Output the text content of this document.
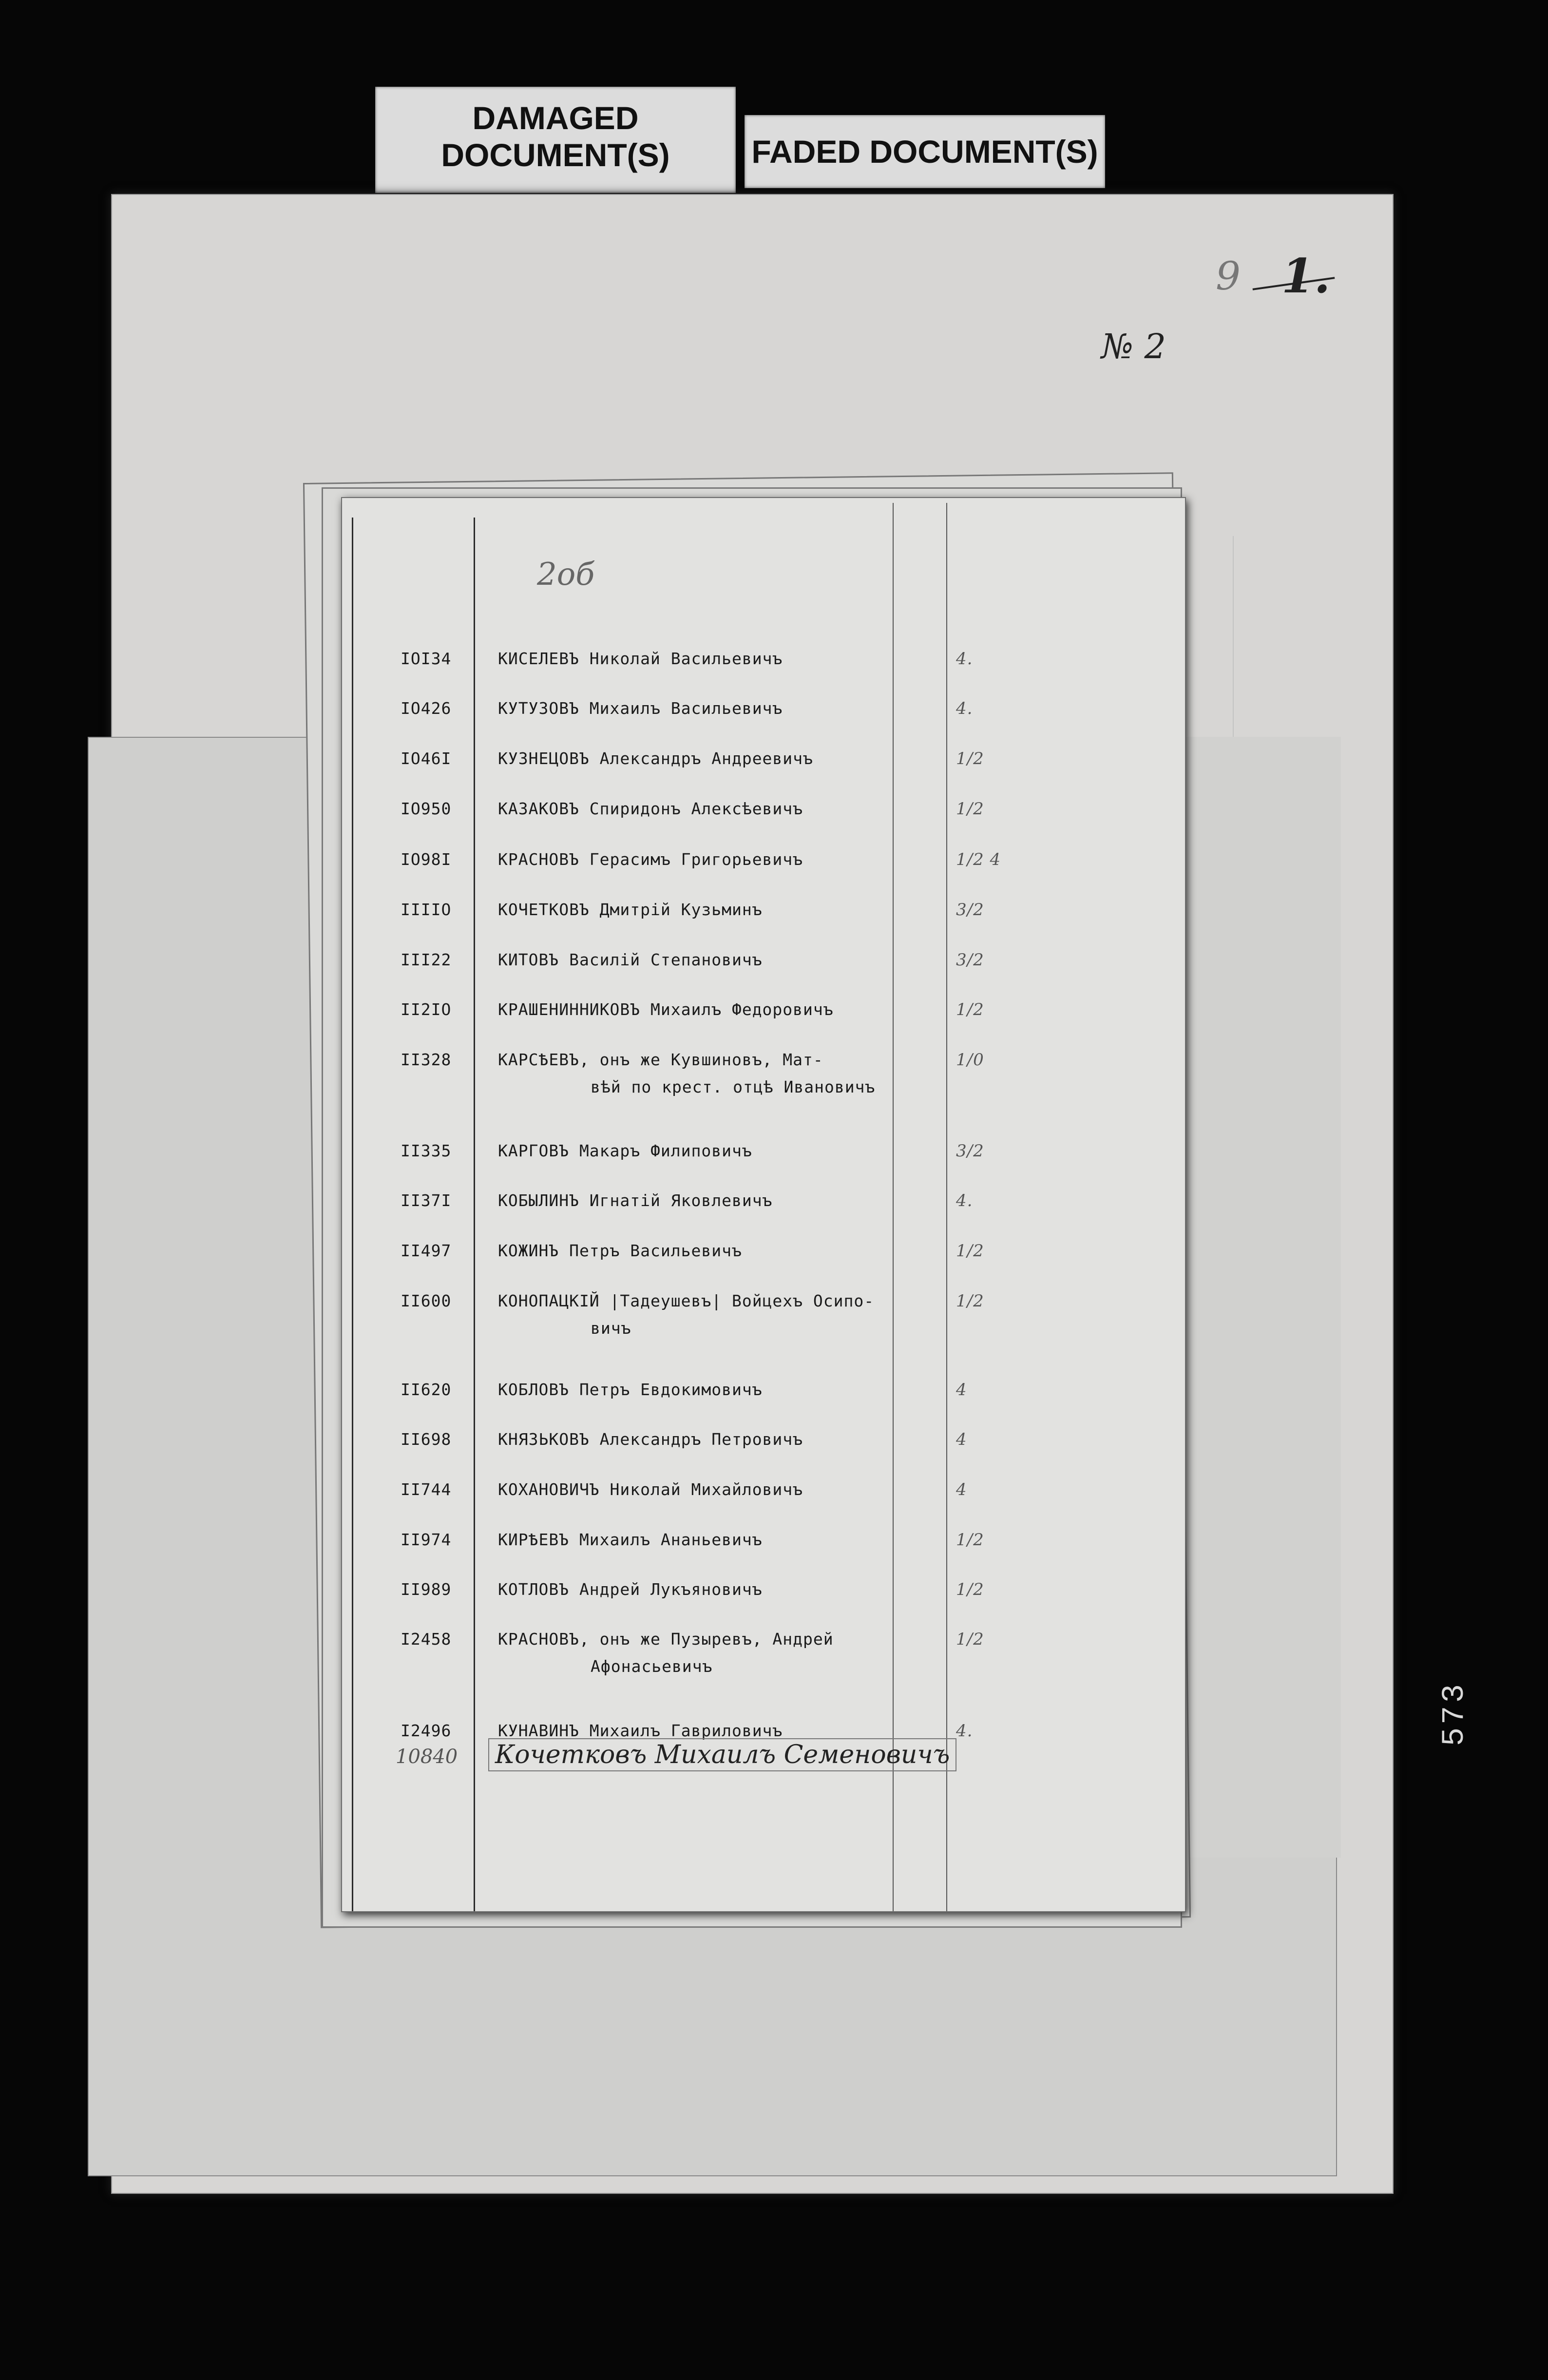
DAMAGED DOCUMENT(S)	FADED DOCUMENT(S)
9 1.
№ 2
2об
IOI34	КИСЕЛЕВЪ Николай Васильевичъ	4.
IO426	КУТУЗОВЪ Михаилъ Васильевичъ	4.
IO46I	КУЗНЕЦОВЪ Александръ Андреевичъ	1/2
IO950	КАЗАКОВЪ Спиридонъ Алексѣевичъ	1/2
IO98I	КРАСНОВЪ Герасимъ Григорьевичъ	1/2 4
IIIIO	КОЧЕТКОВЪ Дмитрій Кузьминъ	3/2
III22	КИТОВЪ Василій Степановичъ	3/2
II2IO	КРАШЕНИННИКОВЪ Михаилъ Федоровичъ	1/2
II328	КАРСѢЕВЪ, онъ же Кувшиновъ, Мат-	1/0
вѣй по крест. отцѣ Ивановичъ
II335	КАРГОВЪ Макаръ Филиповичъ	3/2
II37I	КОБЫЛИНЪ Игнатій Яковлевичъ	4.
II497	КОЖИНЪ Петръ Васильевичъ	1/2
II600	КОНОПАЦКІЙ |Тадеушевъ| Войцехъ Осипо-	1/2
вичъ
II620	КОБЛОВЪ Петръ Евдокимовичъ	4
II698	КНЯЗЬКОВЪ Александръ Петровичъ	4
II744	КОХАНОВИЧЪ Николай Михайловичъ	4
II974	КИРѢЕВЪ Михаилъ Ананьевичъ	1/2
II989	КОТЛОВЪ Андрей Лукъяновичъ	1/2
I2458	КРАСНОВЪ, онъ же Пузыревъ, Андрей	1/2
Афонасьевичъ
I2496	КУНАВИНЪ Михаилъ Гавриловичъ	4.
10840 Кочетковъ Михаилъ Семеновичъ
573
